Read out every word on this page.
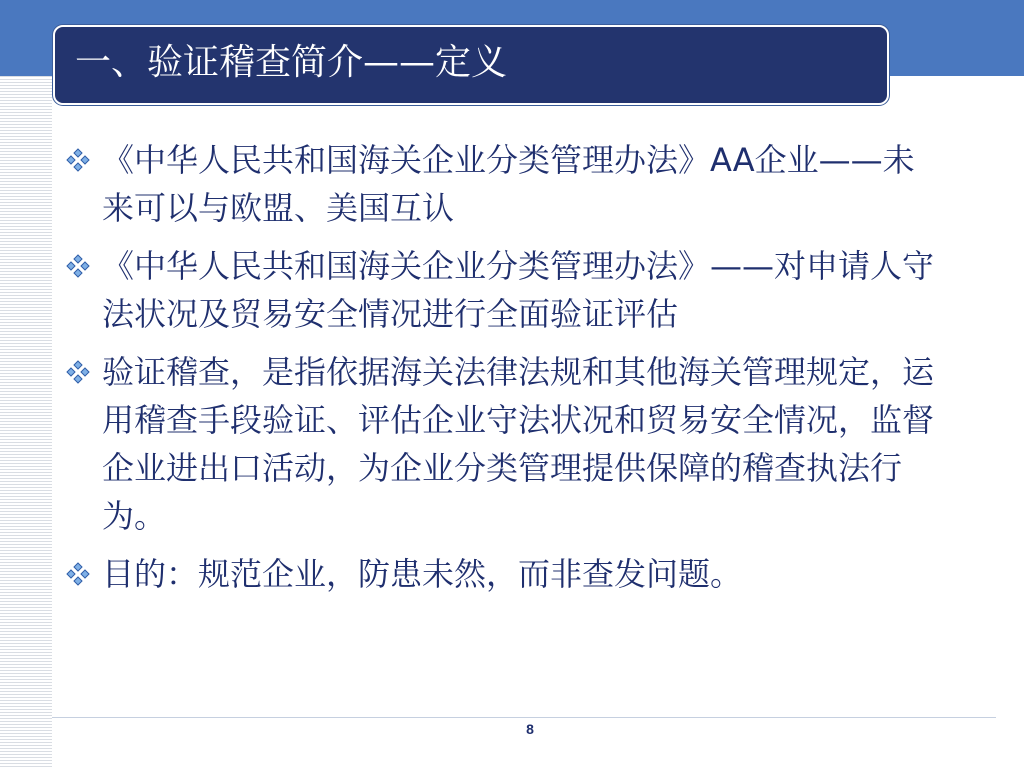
一、验证稽查简介——定义
《中华人民共和国海关企业分类管理办法》AA企业——未来可以与欧盟、美国互认
《中华人民共和国海关企业分类管理办法》——对申请人守法状况及贸易安全情况进行全面验证评估
验证稽查，是指依据海关法律法规和其他海关管理规定，运用稽查手段验证、评估企业守法状况和贸易安全情况，监督企业进出口活动，为企业分类管理提供保障的稽查执法行为。
目的：规范企业，防患未然，而非查发问题。
8
